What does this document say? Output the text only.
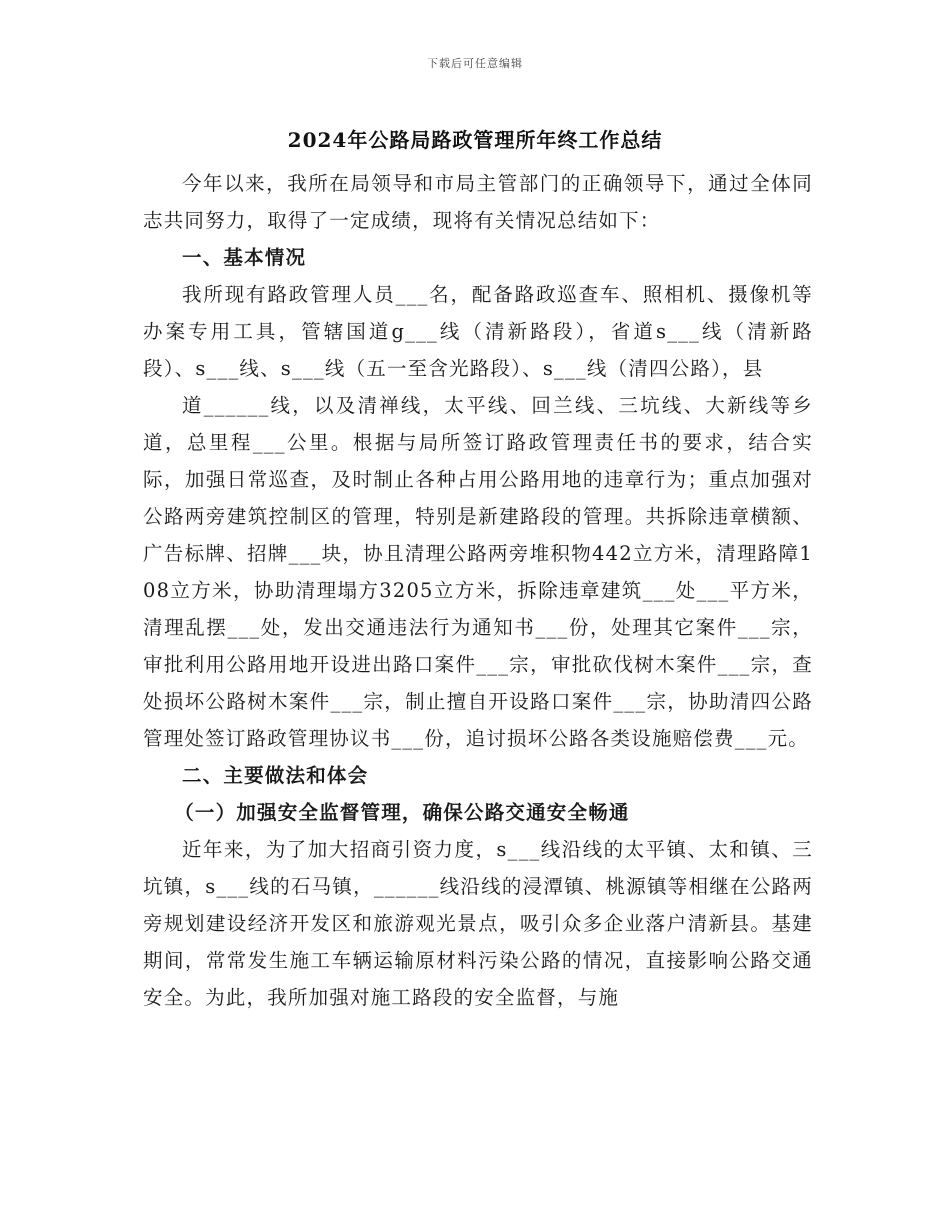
下载后可任意编辑
2024年公路局路政管理所年终工作总结

今年以来，我所在局领导和市局主管部门的正确领导下，通过全体同志共同努力，取得了一定成绩，现将有关情况总结如下：

一、基本情况

我所现有路政管理人员___名，配备路政巡查车、照相机、摄像机等办案专用工具，管辖国道g___线（清新路段），省道s___线（清新路段）、s___线、s___线（五一至含光路段）、s___线（清四公路），县

道______线，以及清禅线，太平线、回兰线、三坑线、大新线等乡道，总里程___公里。根据与局所签订路政管理责任书的要求，结合实际，加强日常巡查，及时制止各种占用公路用地的违章行为；重点加强对公路两旁建筑控制区的管理，特别是新建路段的管理。共拆除违章横额、广告标牌、招牌___块，协且清理公路两旁堆积物442立方米，清理路障108立方米，协助清理塌方3205立方米，拆除违章建筑___处___平方米，清理乱摆___处，发出交通违法行为通知书___份，处理其它案件___宗，审批利用公路用地开设进出路口案件___宗，审批砍伐树木案件___宗，查处损坏公路树木案件___宗，制止擅自开设路口案件___宗，协助清四公路管理处签订路政管理协议书___份，追讨损坏公路各类设施赔偿费___元。

二、主要做法和体会

（一）加强安全监督管理，确保公路交通安全畅通

近年来，为了加大招商引资力度，s___线沿线的太平镇、太和镇、三坑镇，s___线的石马镇，______线沿线的浸潭镇、桃源镇等相继在公路两旁规划建设经济开发区和旅游观光景点，吸引众多企业落户清新县。基建期间，常常发生施工车辆运输原材料污染公路的情况，直接影响公路交通安全。为此，我所加强对施工路段的安全监督，与施
